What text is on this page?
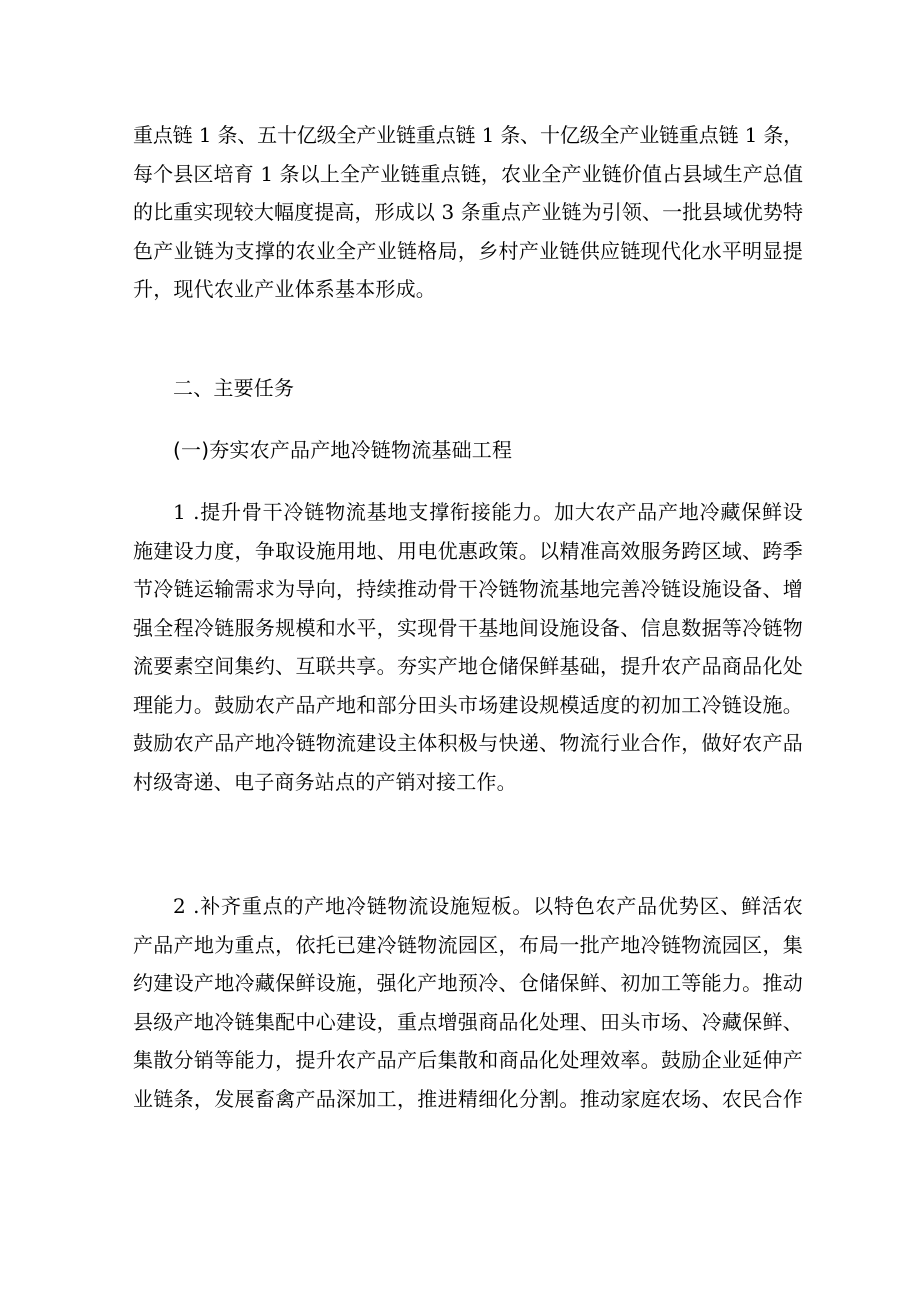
重点链 1 条、五十亿级全产业链重点链 1 条、十亿级全产业链重点链 1 条，
每个县区培育 1 条以上全产业链重点链，农业全产业链价值占县域生产总值
的比重实现较大幅度提高，形成以 3 条重点产业链为引领、一批县域优势特
色产业链为支撑的农业全产业链格局，乡村产业链供应链现代化水平明显提
升，现代农业产业体系基本形成。
二、主要任务
(一)夯实农产品产地冷链物流基础工程
1 .提升骨干冷链物流基地支撑衔接能力。加大农产品产地冷藏保鲜设
施建设力度，争取设施用地、用电优惠政策。以精准高效服务跨区域、跨季
节冷链运输需求为导向，持续推动骨干冷链物流基地完善冷链设施设备、增
强全程冷链服务规模和水平，实现骨干基地间设施设备、信息数据等冷链物
流要素空间集约、互联共享。夯实产地仓储保鲜基础，提升农产品商品化处
理能力。鼓励农产品产地和部分田头市场建设规模适度的初加工冷链设施。
鼓励农产品产地冷链物流建设主体积极与快递、物流行业合作，做好农产品
村级寄递、电子商务站点的产销对接工作。
2 .补齐重点的产地冷链物流设施短板。以特色农产品优势区、鲜活农
产品产地为重点，依托已建冷链物流园区，布局一批产地冷链物流园区，集
约建设产地冷藏保鲜设施，强化产地预冷、仓储保鲜、初加工等能力。推动
县级产地冷链集配中心建设，重点增强商品化处理、田头市场、冷藏保鲜、
集散分销等能力，提升农产品产后集散和商品化处理效率。鼓励企业延伸产
业链条，发展畜禽产品深加工，推进精细化分割。推动家庭农场、农民合作
